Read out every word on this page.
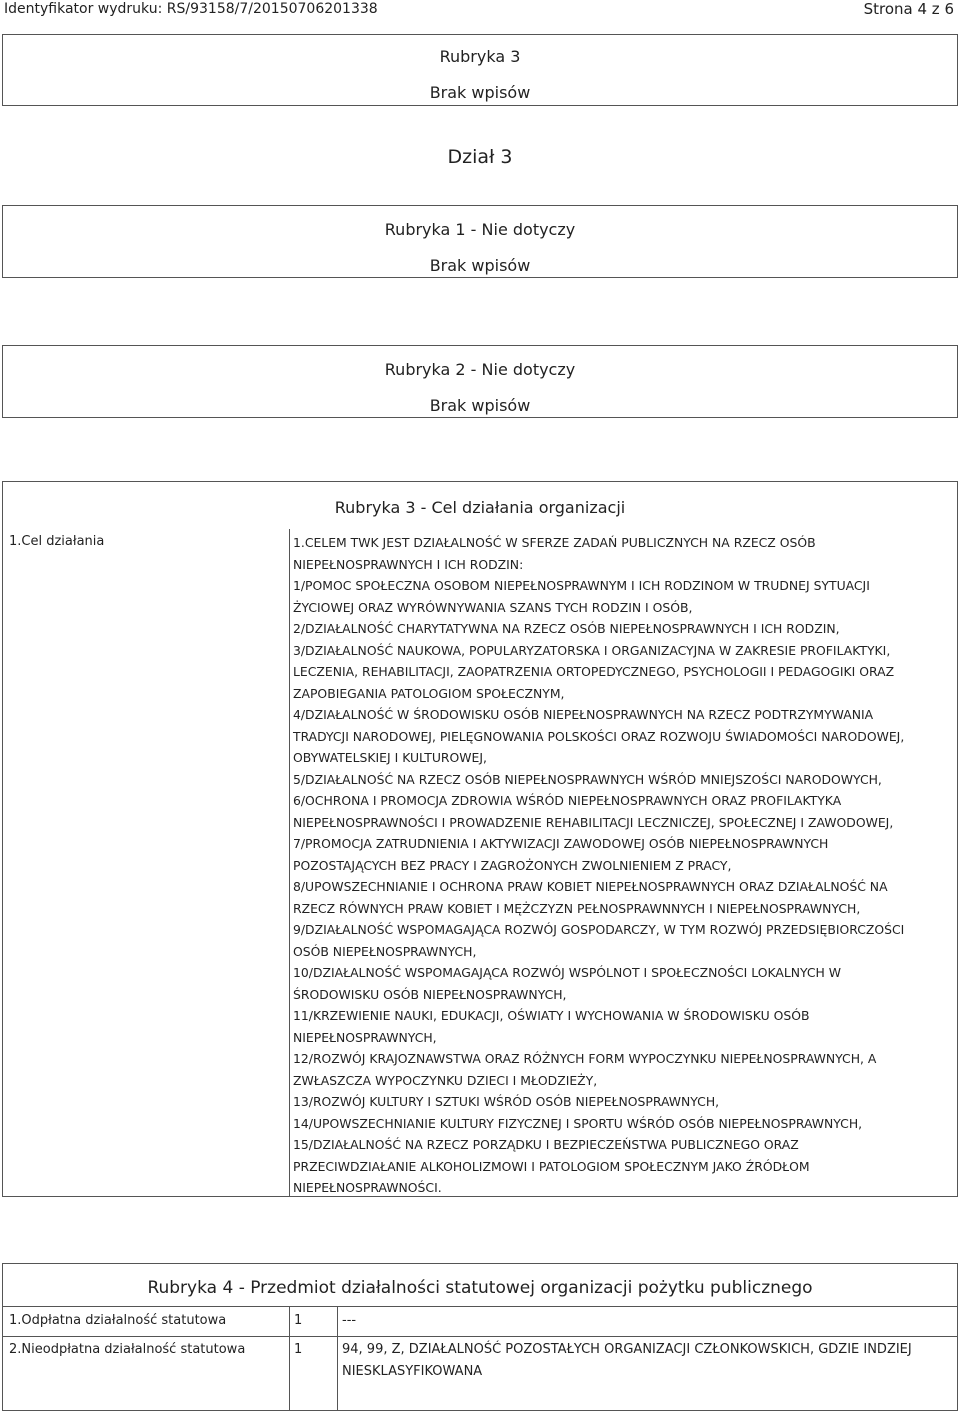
Identyfikator wydruku: RS/93158/7/20150706201338	Strona 4 z 6
Rubryka 3
Brak wpisów
Dział 3
Rubryka 1 - Nie dotyczy
Brak wpisów
Rubryka 2 - Nie dotyczy
Brak wpisów
Rubryka 3 - Cel działania organizacji
1.Cel działania	1.CELEM TWK JEST DZIAŁALNOŚĆ W SFERZE ZADAŃ PUBLICZNYCH NA RZECZ OSÓB
NIEPEŁNOSPRAWNYCH I ICH RODZIN:
1/POMOC SPOŁECZNA OSOBOM NIEPEŁNOSPRAWNYM I ICH RODZINOM W TRUDNEJ SYTUACJI
ŻYCIOWEJ ORAZ WYRÓWNYWANIA SZANS TYCH RODZIN I OSÓB,
2/DZIAŁALNOŚĆ CHARYTATYWNA NA RZECZ OSÓB NIEPEŁNOSPRAWNYCH I ICH RODZIN,
3/DZIAŁALNOŚĆ NAUKOWA, POPULARYZATORSKA I ORGANIZACYJNA W ZAKRESIE PROFILAKTYKI,
LECZENIA, REHABILITACJI, ZAOPATRZENIA ORTOPEDYCZNEGO, PSYCHOLOGII I PEDAGOGIKI ORAZ
ZAPOBIEGANIA PATOLOGIOM SPOŁECZNYM,
4/DZIAŁALNOŚĆ W ŚRODOWISKU OSÓB NIEPEŁNOSPRAWNYCH NA RZECZ PODTRZYMYWANIA
TRADYCJI NARODOWEJ, PIELĘGNOWANIA POLSKOŚCI ORAZ ROZWOJU ŚWIADOMOŚCI NARODOWEJ,
OBYWATELSKIEJ I KULTUROWEJ,
5/DZIAŁALNOŚĆ NA RZECZ OSÓB NIEPEŁNOSPRAWNYCH WŚRÓD MNIEJSZOŚCI NARODOWYCH,
6/OCHRONA I PROMOCJA ZDROWIA WŚRÓD NIEPEŁNOSPRAWNYCH ORAZ PROFILAKTYKA
NIEPEŁNOSPRAWNOŚCI I PROWADZENIE REHABILITACJI LECZNICZEJ, SPOŁECZNEJ I ZAWODOWEJ,
7/PROMOCJA ZATRUDNIENIA I AKTYWIZACJI ZAWODOWEJ OSÓB NIEPEŁNOSPRAWNYCH
POZOSTAJĄCYCH BEZ PRACY I ZAGROŻONYCH ZWOLNIENIEM Z PRACY,
8/UPOWSZECHNIANIE I OCHRONA PRAW KOBIET NIEPEŁNOSPRAWNYCH ORAZ DZIAŁALNOŚĆ NA
RZECZ RÓWNYCH PRAW KOBIET I MĘŻCZYZN PEŁNOSPRAWNNYCH I NIEPEŁNOSPRAWNYCH,
9/DZIAŁALNOŚĆ WSPOMAGAJĄCA ROZWÓJ GOSPODARCZY, W TYM ROZWÓJ PRZEDSIĘBIORCZOŚCI
OSÓB NIEPEŁNOSPRAWNYCH,
10/DZIAŁALNOŚĆ WSPOMAGAJĄCA ROZWÓJ WSPÓLNOT I SPOŁECZNOŚCI LOKALNYCH W
ŚRODOWISKU OSÓB NIEPEŁNOSPRAWNYCH,
11/KRZEWIENIE NAUKI, EDUKACJI, OŚWIATY I WYCHOWANIA W ŚRODOWISKU OSÓB
NIEPEŁNOSPRAWNYCH,
12/ROZWÓJ KRAJOZNAWSTWA ORAZ RÓŻNYCH FORM WYPOCZYNKU NIEPEŁNOSPRAWNYCH, A
ZWŁASZCZA WYPOCZYNKU DZIECI I MŁODZIEŻY,
13/ROZWÓJ KULTURY I SZTUKI WŚRÓD OSÓB NIEPEŁNOSPRAWNYCH,
14/UPOWSZECHNIANIE KULTURY FIZYCZNEJ I SPORTU WŚRÓD OSÓB NIEPEŁNOSPRAWNYCH,
15/DZIAŁALNOŚĆ NA RZECZ PORZĄDKU I BEZPIECZEŃSTWA PUBLICZNEGO ORAZ
PRZECIWDZIAŁANIE ALKOHOLIZMOWI I PATOLOGIOM SPOŁECZNYM JAKO ŹRÓDŁOM
NIEPEŁNOSPRAWNOŚCI.
Rubryka 4 - Przedmiot działalności statutowej organizacji pożytku publicznego
1.Odpłatna działalność statutowa	1	---
2.Nieodpłatna działalność statutowa	1	94, 99, Z, DZIAŁALNOŚĆ POZOSTAŁYCH ORGANIZACJI CZŁONKOWSKICH, GDZIE INDZIEJ
NIESKLASYFIKOWANA
